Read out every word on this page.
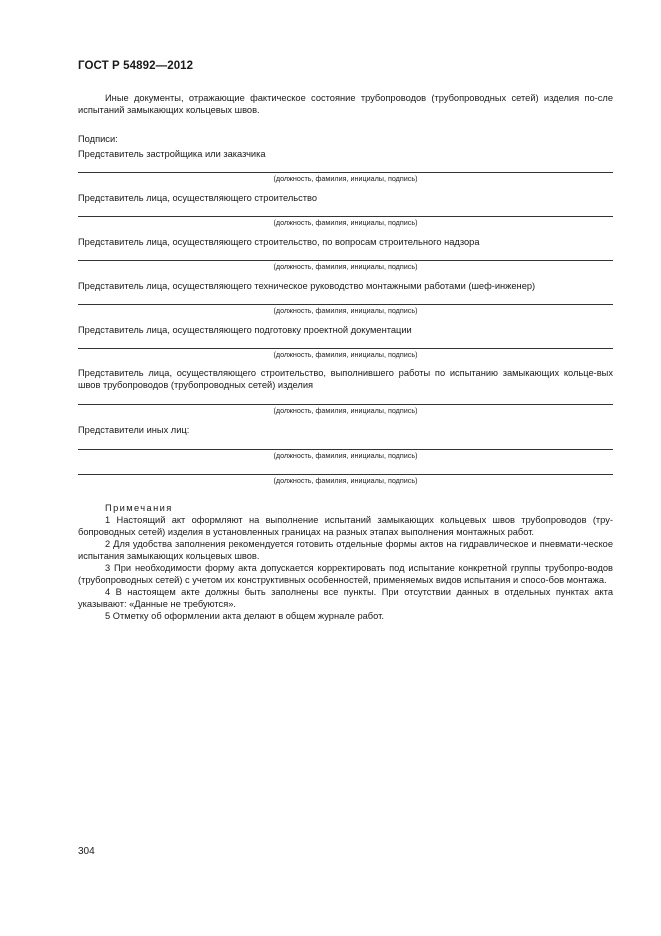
ГОСТ Р 54892—2012
Иные документы, отражающие фактическое состояние трубопроводов (трубопроводных сетей) изделия по-сле испытаний замыкающих кольцевых швов.
Подписи:
Представитель застройщика или заказчика
(должность, фамилия, инициалы, подпись)
Представитель лица, осуществляющего строительство
(должность, фамилия, инициалы, подпись)
Представитель лица, осуществляющего строительство, по вопросам строительного надзора
(должность, фамилия, инициалы, подпись)
Представитель лица, осуществляющего техническое руководство монтажными работами (шеф-инженер)
(должность, фамилия, инициалы, подпись)
Представитель лица, осуществляющего подготовку проектной документации
(должность, фамилия, инициалы, подпись)
Представитель лица, осуществляющего строительство, выполнившего работы по испытанию замыкающих кольце-вых швов трубопроводов (трубопроводных сетей) изделия
(должность, фамилия, инициалы, подпись)
Представители иных лиц:
(должность, фамилия, инициалы, подпись)
(должность, фамилия, инициалы, подпись)
Примечания
1 Настоящий акт оформляют на выполнение испытаний замыкающих кольцевых швов трубопроводов (тру-бопроводных сетей) изделия в установленных границах на разных этапах выполнения монтажных работ.
2 Для удобства заполнения рекомендуется готовить отдельные формы актов на гидравлическое и пневмати-ческое испытания замыкающих кольцевых швов.
3 При необходимости форму акта допускается корректировать под испытание конкретной группы трубопро-водов (трубопроводных сетей) с учетом их конструктивных особенностей, применяемых видов испытания и спосо-бов монтажа.
4 В настоящем акте должны быть заполнены все пункты. При отсутствии данных в отдельных пунктах акта указывают: «Данные не требуются».
5 Отметку об оформлении акта делают в общем журнале работ.
304
